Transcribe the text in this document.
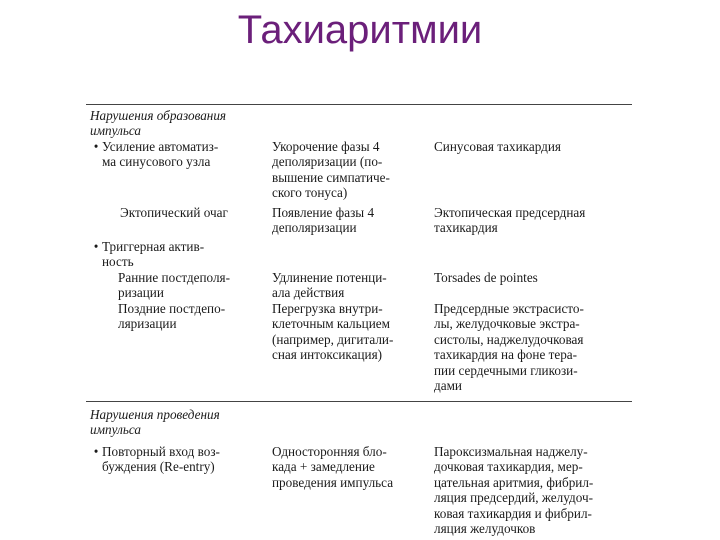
Тахиаритмии
Нарушения образования
импульса
• Усиление автоматиз-
ма синусового узла
Укорочение фазы 4
деполяризации (по-
вышение симпатиче-
ского тонуса)
Синусовая тахикардия
Эктопический очаг	Появление фазы 4
деполяризации
Эктопическая предсердная
тахикардия
• Триггерная актив-
ность
Ранние постдеполя-
ризации
Поздние постдепо-
ляризации
Удлинение потенци-
ала действия
Перегрузка внутри-
клеточным кальцием
(например, дигитали-
сная интоксикация)
Torsades de pointes
Предсердные экстрасисто-
лы, желудочковые экстра-
систолы, наджелудочковая
тахикардия на фоне тера-
пии сердечными гликози-
дами
Нарушения проведения
импульса
• Повторный вход воз-
буждения (Re-entry)
Односторонняя бло-
када + замедление
проведения импульса
Пароксизмальная наджелу-
дочковая тахикардия, мер-
цательная аритмия, фибрил-
ляция предсердий, желудоч-
ковая тахикардия и фибрил-
ляция желудочков
